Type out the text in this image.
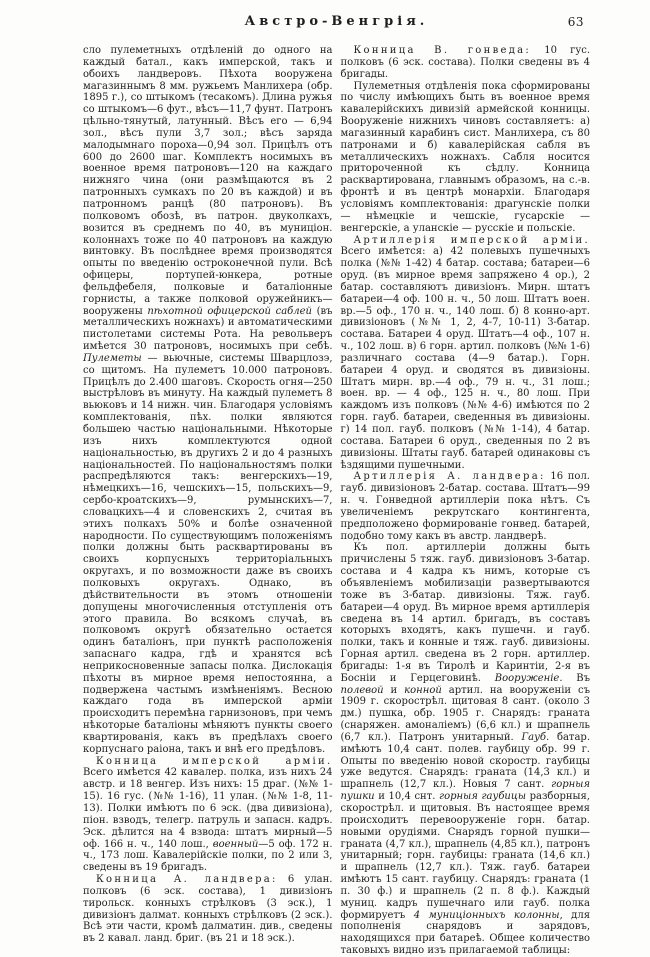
Австро-Венгрія.	63

сло пулеметныхъ отдѣленій до одного на каждый батал., какъ имперской, такъ и обоихъ ландверовъ. Пѣхота вооружена магазиннымъ 8 мм. ружьемъ Манлихера (обр. 1895 г.), со штыкомъ (тесакомъ). Длина ружья со штыкомъ—6 фут., вѣсъ—11,7 фунт. Патронъ цѣльно-тянутый, латунный. Вѣсъ его — 6,94 зол., вѣсъ пули 3,7 зол.; вѣсъ заряда малодымнаго пороха—0,94 зол. Прицѣлъ отъ 600 до 2600 шаг. Комплектъ носимыхъ въ военное время патроновъ—120 на каждаго нижняго чина (они размѣщаются въ 2 патронныхъ сумкахъ по 20 въ каждой) и въ патронномъ ранцѣ (80 патроновъ). Въ полковомъ обозѣ, въ патрон. двуколкахъ, возится въ среднемъ по 40, въ муниціон. колоннахъ тоже по 40 патроновъ на каждую винтовку. Въ послѣднее время производятся опыты по введенію остроконечной пули. Всѣ офицеры, портупей-юнкера, ротные фельдфебеля, полковые и баталіонные горнисты, а также полковой оружейникъ—вооружены пѣхотной офицерской саблей (въ металлическихъ ножнахъ) и автоматическими пистолетами системы Рота. На револьверъ имѣется 30 патроновъ, носимыхъ при себѣ. Пулеметы — вьючные, системы Шварцлозэ, со щитомъ. На пулеметъ 10.000 патроновъ. Прицѣлъ до 2.400 шаговъ. Скорость огня—250 выстрѣловъ въ минуту. На каждый пулеметъ 8 вьюковъ и 14 нижн. чин. Благодаря условіямъ комплектованія, пѣх. полки являются большею частью національными. Нѣкоторые изъ нихъ комплектуются одной національностью, въ другихъ 2 и до 4 разныхъ національностей. По національностямъ полки распредѣляются такъ: венгерскихъ—19, нѣмецкихъ—16, чешскихъ—15, польскихъ—9, сербо-кроатскихъ—9, румынскихъ—7, словацкихъ—4 и словенскихъ 2, считая въ этихъ полкахъ 50% и болѣе означенной народности. По существующимъ положеніямъ полки должны быть расквартированы въ своихъ корпусныхъ территоріальныхъ округахъ, и по возможности даже въ своихъ полковыхъ округахъ. Однако, въ дѣйствительности въ этомъ отношеніи допущены многочисленныя отступленія отъ этого правила. Во всякомъ случаѣ, въ полковомъ округѣ обязательно остается одинъ баталіонъ, при пунктѣ расположенія запаснаго кадра, гдѣ и хранятся всѣ неприкосновенные запасы полка. Дислокація пѣхоты въ мирное время непостоянна, а подвержена частымъ измѣненіямъ. Весною каждаго года въ имперской арміи происходитъ перемѣна гарнизоновъ, при чемъ нѣкоторые баталіоны мѣняютъ пункты своего квартированія, какъ въ предѣлахъ своего корпуснаго раіона, такъ и внѣ его предѣловъ.

Конница имперской арміи. Всего имѣется 42 кавалер. полка, изъ нихъ 24 австр. и 18 венгер. Изъ нихъ: 15 драг. (№№ 1-15). 16 гус. (№№ 1-16), 11 улан. (№№ 1-8, 11-13). Полки имѣютъ по 6 эск. (два дивизіона), піон. взводъ, телегр. патруль и запасн. кадръ. Эск. дѣлится на 4 взвода: штатъ мирный—5 оф. 166 н. ч., 140 лош., военный—5 оф. 172 н. ч., 173 лош. Кавалерійскіе полки, по 2 или 3, сведены въ 19 бригадъ.

Конница А. ландвера: 6 улан. полковъ (6 эск. состава), 1 дивизіонъ тирольск. конныхъ стрѣлковъ (3 эск.), 1 дивизіонъ далмат. конныхъ стрѣлковъ (2 эск.). Всѣ эти части, кромѣ далматин. див., сведены въ 2 кавал. ланд. бриг. (въ 21 и 18 эск.).

Конница В. гонведа: 10 гус. полковъ (6 эск. состава). Полки сведены въ 4 бригады.

Пулеметныя отдѣленія пока сформированы по числу имѣющихъ быть въ военное время кавалерійскихъ дивизій армейской конницы. Вооруженіе нижнихъ чиновъ составляетъ: а) магазинный карабинъ сист. Манлихера, съ 80 патронами и б) кавалерійская сабля въ металлическихъ ножнахъ. Сабля носится притороченной къ сѣдлу. Конница расквартирована, главнымъ образомъ, на с.-в. фронтѣ и въ центрѣ монархіи. Благодаря условіямъ комплектованія: драгунскіе полки — нѣмецкіе и чешскіе, гусарскіе — венгерскіе, а уланскіе — русскіе и польскіе.

Артиллерія имперской арміи. Всего имѣется: а) 42 полевыхъ пушечныхъ полка (№№ 1-42) 4 батар. состава; батареи—6 оруд. (въ мирное время запряжено 4 ор.), 2 батар. составляютъ дивизіонъ. Мирн. штатъ батареи—4 оф. 100 н. ч., 50 лош. Штатъ воен. вр.—5 оф., 170 н. ч., 140 лош. б) 8 конно-арт. дивизіоновъ (№№ 1, 2, 4-7, 10-11) 3-батар. состава. Батареи 4 оруд. Штатъ—4 оф., 107 н. ч., 102 лош. в) 6 горн. артил. полковъ (№№ 1-6) различнаго состава (4—9 батар.). Горн. батареи 4 оруд. и сводятся въ дивизіоны. Штатъ мирн. вр.—4 оф., 79 н. ч., 31 лош.; воен. вр. — 4 оф., 125 н. ч., 80 лош. При каждомъ изъ полковъ (№№ 4-6) имѣются по 2 горн. гауб. батареи, сведенныя въ дивизіоны. г) 14 пол. гауб. полковъ (№№ 1-14), 4 батар. состава. Батареи 6 оруд., сведенныя по 2 въ дивизіоны. Штаты гауб. батарей одинаковы съ ѣздящими пушечными.

Артиллерія А. ландвера: 16 пол. гауб. дивизіоновъ 2-батар. состава. Штатъ—99 н. ч. Гонведной артиллеріи пока нѣтъ. Съ увеличеніемъ рекрутскаго контингента, предположено формированіе гонвед. батарей, подобно тому какъ въ австр. ландверѣ.

Къ пол. артиллеріи должны быть причислены 5 тяж. гауб. дивизіоновъ 3-батар. состава и 4 кадра къ нимъ, которые съ объявленіемъ мобилизаціи развертываются тоже въ 3-батар. дивизіоны. Тяж. гауб. батареи—4 оруд. Въ мирное время артиллерія сведена въ 14 артил. бригадъ, въ составъ которыхъ входятъ, какъ пушечн. и гауб. полки, такъ и конные и тяж. гауб. дивизіоны. Горная артил. сведена въ 2 горн. артиллер. бригады: 1-я въ Тиролѣ и Каринтіи, 2-я въ Босніи и Герцеговинѣ. Вооруженіе. Въ полевой и конной артил. на вооруженіи съ 1909 г. скорострѣл. щитовая 8 сант. (около 3 дм.) пушка, обр. 1905 г. Снарядъ: граната (снаряжен. амоналіемъ) (6,6 кл.) и шрапнель (6,7 кл.). Патронъ унитарный. Гауб. батар. имѣютъ 10,4 сант. полев. гаубицу обр. 99 г. Опыты по введенію новой скоростр. гаубицы уже ведутся. Снарядъ: граната (14,3 кл.) и шрапнель (12,7 кл.). Новыя 7 сант. горныя пушки и 10,4 снт. горныя гаубицы разборныя, скорострѣл. и щитовыя. Въ настоящее время происходитъ перевооруженіе горн. батар. новыми орудіями. Снарядъ горной пушки—граната (4,7 кл.), шрапнель (4,85 кл.), патронъ унитарный; горн. гаубицы: граната (14,6 кл.) и шрапнель (12,7 кл.). Тяж. гауб. батареи имѣютъ 15 сант. гаубицу. Снарядъ: граната (1 п. 30 ф.) и шрапнель (2 п. 8 ф.). Каждый муниц. кадръ пушечнаго или гауб. полка формируетъ 4 муниціонныхъ колонны, для пополненія снарядовъ и зарядовъ, находящихся при батареѣ. Общее количество таковыхъ видно изъ прилагаемой таблицы:
